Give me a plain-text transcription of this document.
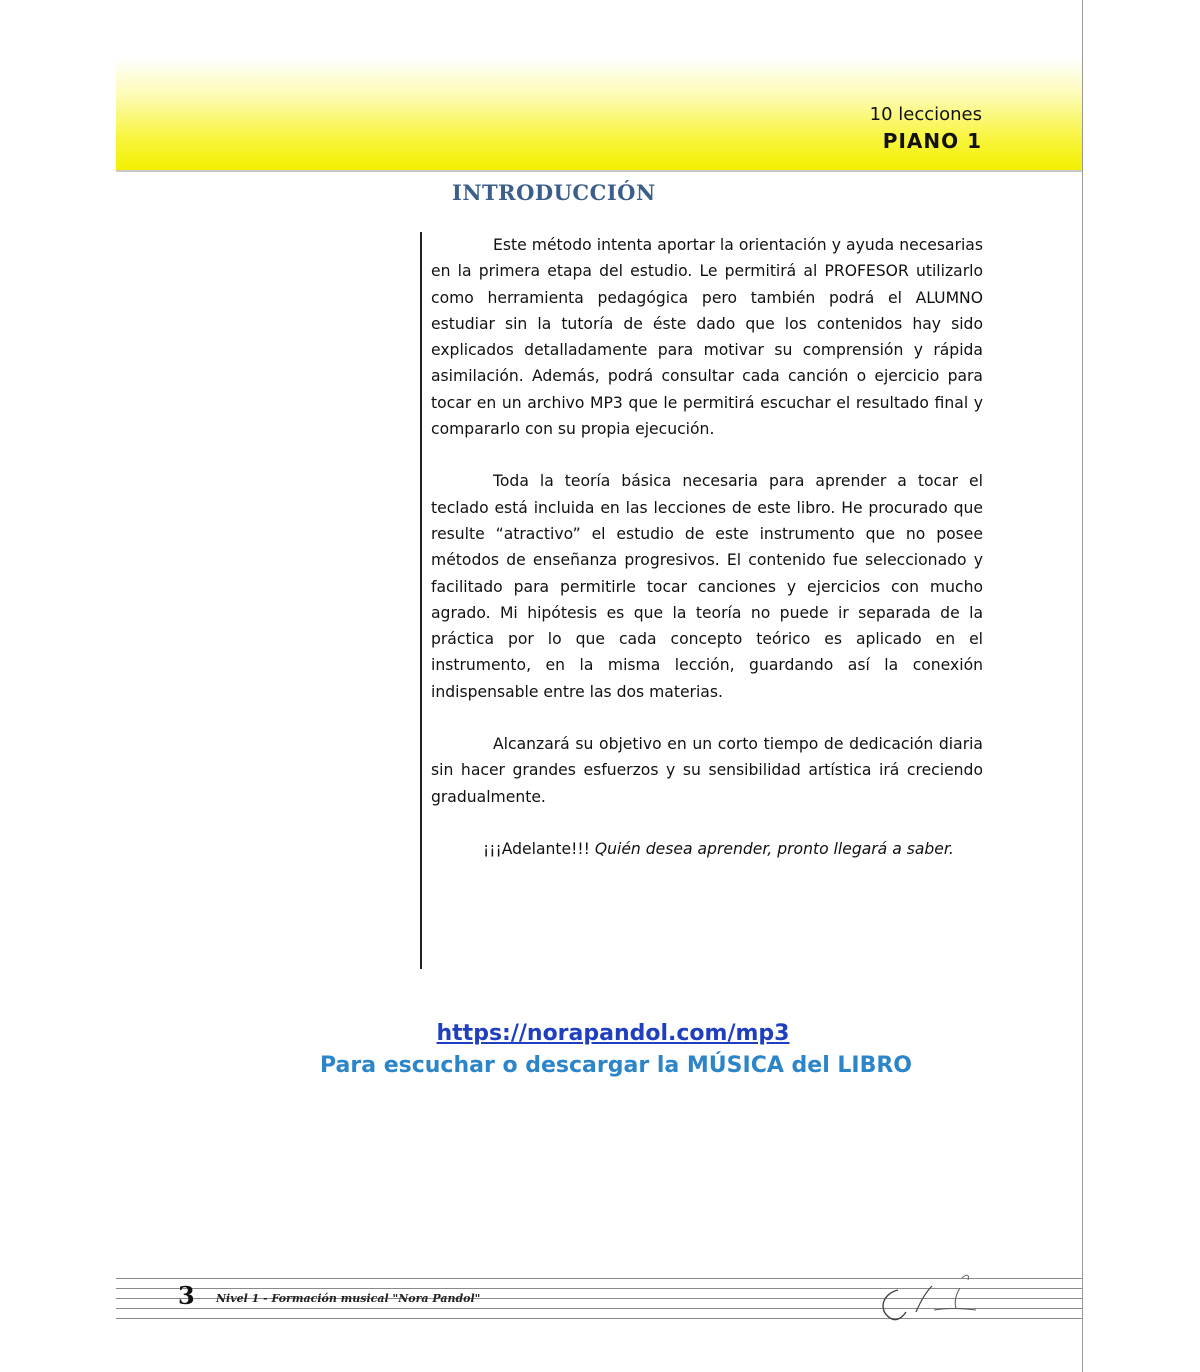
10 lecciones
PIANO 1
INTRODUCCIÓN

Este método intenta aportar la orientación y ayuda necesarias en la primera etapa del estudio. Le permitirá al PROFESOR utilizarlo como herramienta pedagógica pero también podrá el ALUMNO estudiar sin la tutoría de éste dado que los contenidos hay sido explicados detalladamente para motivar su comprensión y rápida asimilación. Además, podrá consultar cada canción o ejercicio para tocar en un archivo MP3 que le permitirá escuchar el resultado final y compararlo con su propia ejecución.

Toda la teoría básica necesaria para aprender a tocar el teclado está incluida en las lecciones de este libro. He procurado que resulte “atractivo” el estudio de este instrumento que no posee métodos de enseñanza progresivos. El contenido fue seleccionado y facilitado para permitirle tocar canciones y ejercicios con mucho agrado. Mi hipótesis es que la teoría no puede ir separada de la práctica por lo que cada concepto teórico es aplicado en el instrumento, en la misma lección, guardando así la conexión indispensable entre las dos materias.

Alcanzará su objetivo en un corto tiempo de dedicación diaria sin hacer grandes esfuerzos y su sensibilidad artística irá creciendo gradualmente.

¡¡¡Adelante!!! Quién desea aprender, pronto llegará a saber.

https://norapandol.com/mp3
Para escuchar o descargar la MÚSICA del LIBRO
3 Nivel 1 - Formación musical "Nora Pandol"
